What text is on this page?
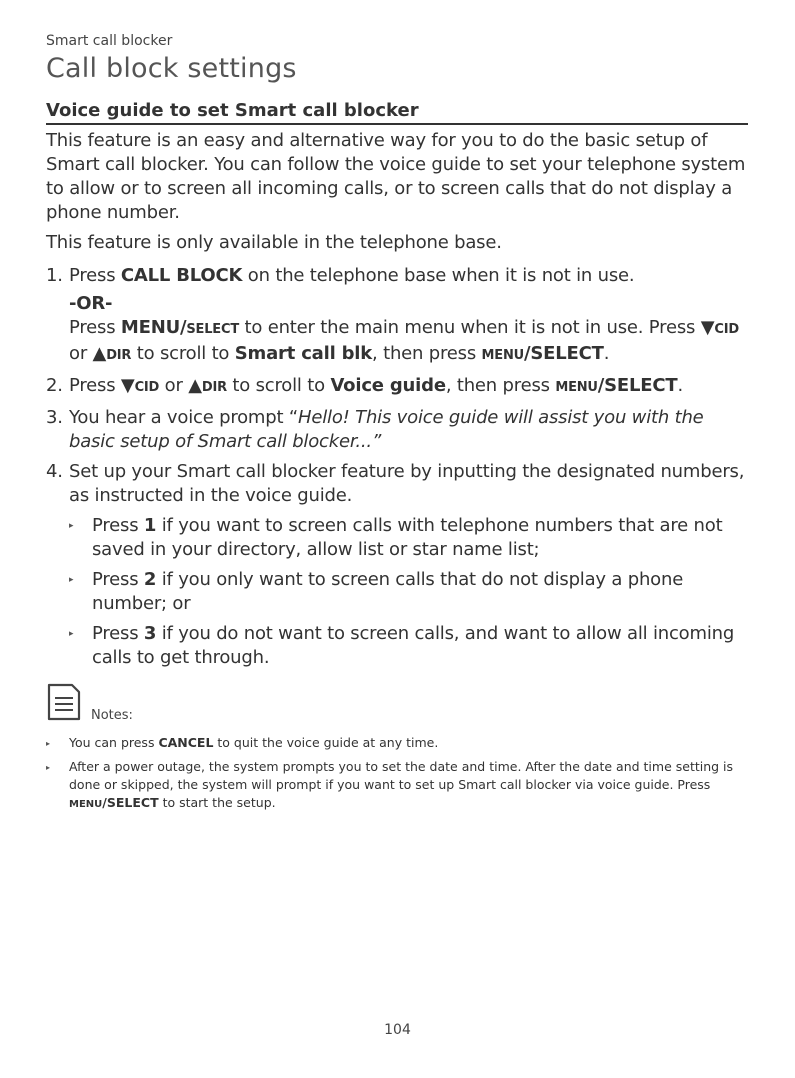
Smart call blocker

Call block settings
Voice guide to set Smart call blocker

This feature is an easy and alternative way for you to do the basic setup of Smart call blocker. You can follow the voice guide to set your telephone system to allow or to screen all incoming calls, or to screen calls that do not display a phone number.

This feature is only available in the telephone base.

1. Press CALL BLOCK on the telephone base when it is not in use.
-OR-
Press MENU/SELECT to enter the main menu when it is not in use. Press ▼CID or ▲DIR to scroll to Smart call blk, then press MENU/SELECT.
2. Press ▼CID or ▲DIR to scroll to Voice guide, then press MENU/SELECT.
3. You hear a voice prompt “Hello! This voice guide will assist you with the basic setup of Smart call blocker...”
4. Set up your Smart call blocker feature by inputting the designated numbers, as instructed in the voice guide.
▸ Press 1 if you want to screen calls with telephone numbers that are not saved in your directory, allow list or star name list;
▸ Press 2 if you only want to screen calls that do not display a phone number; or
▸ Press 3 if you do not want to screen calls, and want to allow all incoming calls to get through.
Notes:
▸ You can press CANCEL to quit the voice guide at any time.
▸ After a power outage, the system prompts you to set the date and time. After the date and time setting is done or skipped, the system will prompt if you want to set up Smart call blocker via voice guide. Press MENU/SELECT to start the setup.
104
